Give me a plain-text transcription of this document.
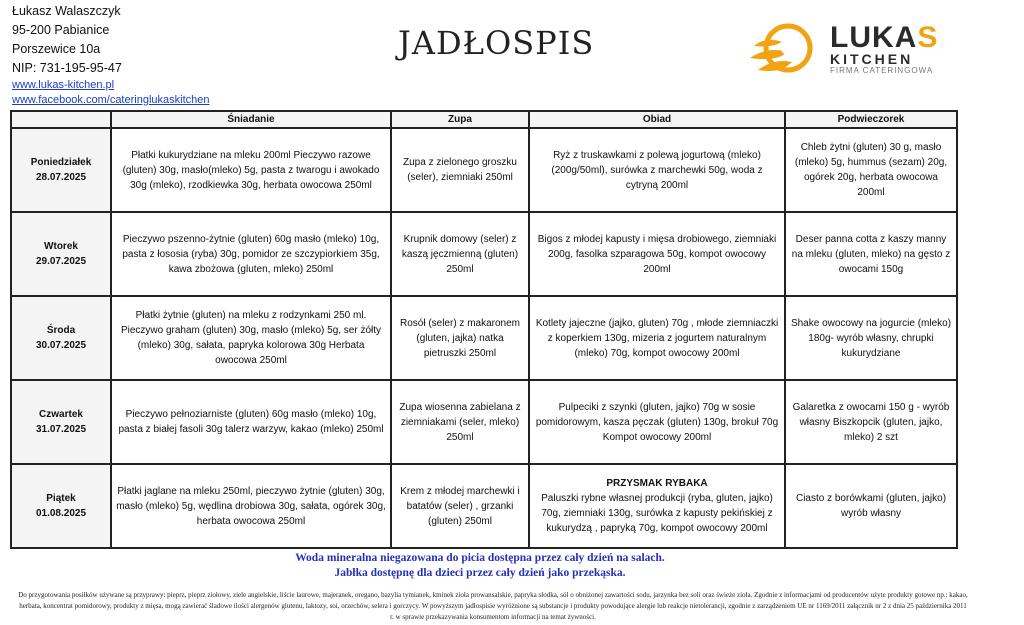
Łukasz Walaszczyk
95-200 Pabianice
Porszewice 10a
NIP: 731-195-95-47
www.lukas-kitchen.pl
www.facebook.com/cateringlukaskitchen
JADŁOSPIS	LUKAS
KITCHEN
FIRMA CATERINGOWA
	Śniadanie	Zupa	Obiad	Podwieczorek

Poniedziałek
28.07.2025	Płatki kukurydziane na mleku 200ml Pieczywo razowe (gluten) 30g, masło(mleko) 5g, pasta z twarogu i awokado 30g (mleko), rzodkiewka 30g, herbata owocowa 250ml	Zupa z zielonego groszku (seler), ziemniaki 250ml	Ryż z truskawkami z polewą jogurtową (mleko) (200g/50ml), surówka z marchewki 50g, woda z cytryną 200ml	Chleb żytni (gluten) 30 g, masło (mleko) 5g, hummus (sezam) 20g, ogórek 20g, herbata owocowa 200ml

Wtorek
29.07.2025	Pieczywo pszenno-żytnie (gluten) 60g masło (mleko) 10g, pasta z łososia (ryba) 30g, pomidor ze szczypiorkiem 35g, kawa zbożowa (gluten, mleko) 250ml	Krupnik domowy (seler) z kaszą jęczmienną (gluten) 250ml	Bigos z młodej kapusty i mięsa drobiowego, ziemniaki 200g, fasolka szparagowa 50g, kompot owocowy 200ml	Deser panna cotta z kaszy manny na mleku (gluten, mleko) na gęsto z owocami 150g

Środa
30.07.2025	Płatki żytnie (gluten) na mleku z rodzynkami 250 ml. Pieczywo graham (gluten) 30g, masło (mleko) 5g, ser żółty (mleko) 30g, sałata, papryka kolorowa 30g Herbata owocowa 250ml	Rosół (seler) z makaronem (gluten, jajka) natka pietruszki 250ml	Kotlety jajeczne (jajko, gluten) 70g , młode ziemniaczki z koperkiem 130g, mizeria z jogurtem naturalnym (mleko) 70g, kompot owocowy 200ml	Shake owocowy na jogurcie (mleko) 180g- wyrób własny, chrupki kukurydziane

Czwartek
31.07.2025	Pieczywo pełnoziarniste (gluten) 60g masło (mleko) 10g, pasta z białej fasoli 30g talerz warzyw, kakao (mleko) 250ml	Zupa wiosenna zabielana z ziemniakami (seler, mleko) 250ml	Pulpeciki z szynki (gluten, jajko) 70g w sosie pomidorowym, kasza pęczak (gluten) 130g, brokuł 70g Kompot owocowy 200ml	Galaretka z owocami 150 g - wyrób własny Biszkopcik (gluten, jajko, mleko) 2 szt

Piątek
01.08.2025	Płatki jaglane na mleku 250ml, pieczywo żytnie (gluten) 30g, masło (mleko) 5g, wędlina drobiowa 30g, sałata, ogórek 30g, herbata owocowa 250ml	Krem z młodej marchewki i batatów (seler) , grzanki (gluten) 250ml	PRZYSMAK RYBAKA
Paluszki rybne własnej produkcji (ryba, gluten, jajko) 70g, ziemniaki 130g, surówka z kapusty pekińskiej z kukurydzą , papryką 70g, kompot owocowy 200ml	Ciasto z borówkami (gluten, jajko) wyrób własny
Woda mineralna niegazowana do picia dostępna przez cały dzień na salach.
Jabłka dostępnę dla dzieci przez cały dzień jako przekąska.
Do przygotowania posiłków używane są przyprawy: pieprz, pieprz ziołowy, ziele angielskie, liście laurowe, majeranek, oregano, bazylia tymianek, kminek zioła prowansalskie, papryka słodka, sól o obniżonej zawartości sodu, jarzynka bez soli oraz świeże zioła. Zgodnie z informacjami od producentów użyte produkty gotowe np.: kakao, herbata, koncentrat pomidorowy, produkty z mięsa, mogą zawierać śladowe ilości alergenów glutenu, laktozy, soi, orzechów, selera i gorczycy. W powyższym jadłospisie wyróżnione są substancje i produkty powodujące alergie lub reakcje nietolerancji, zgodnie z zarządzeniem UE nr 1169/2011 załącznik nr 2 z dnia 25 października 2011 r. w sprawie przekazywania konsumentom informacji na temat żywności.
